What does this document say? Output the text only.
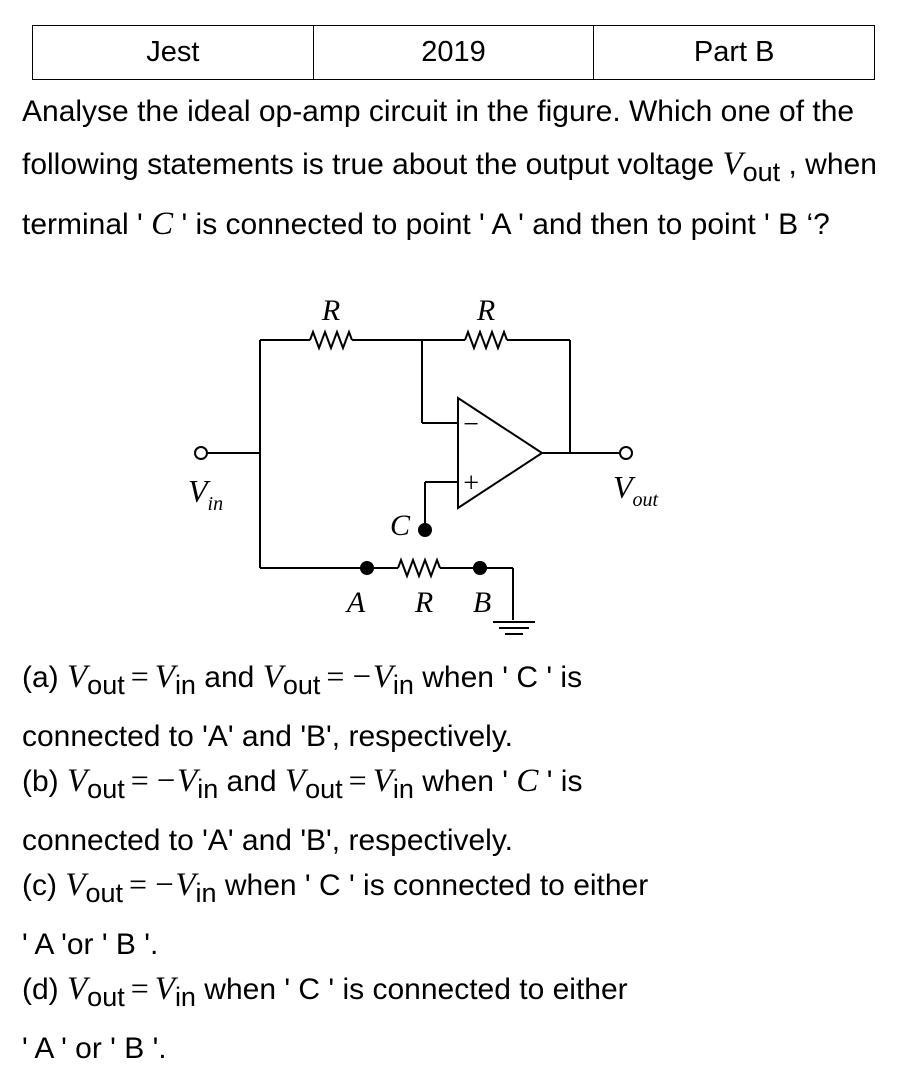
Jest	2019	Part B
Analyse the ideal op-amp circuit in the figure. Which one of the following statements is true about the output voltage $V_{out}$ , when terminal ' C ' is connected to point ' A ' and then to point ' B ‘?
R	R
R
A	B
C
−
+
$V_{in}$	$V_{out}$
(a) $V_{out} = V_{in}$ and $V_{out} = -V_{in}$ when ' C ' is
connected to 'A' and 'B', respectively.
(b) $V_{out} = -V_{in}$ and $V_{out} = V_{in}$ when ' C ' is
connected to 'A' and 'B', respectively.
(c) $V_{out} = -V_{in}$ when ' C ' is connected to either
' A 'or ' B '.
(d) $V_{out} = V_{in}$ when ' C ' is connected to either
' A ' or ' B '.
